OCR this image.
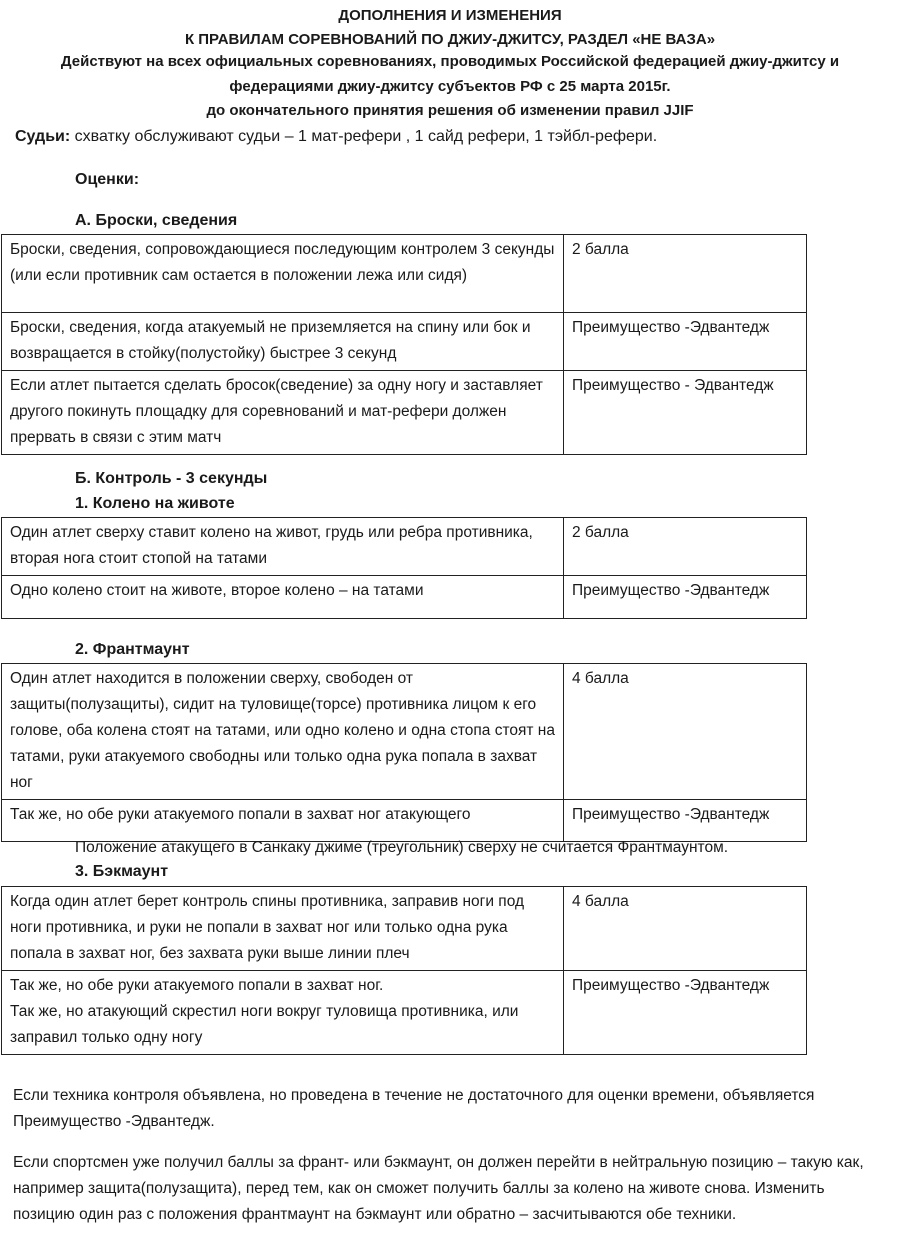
ДОПОЛНЕНИЯ И ИЗМЕНЕНИЯ
К ПРАВИЛАМ СОРЕВНОВАНИЙ ПО ДЖИУ-ДЖИТСУ, РАЗДЕЛ «НЕ ВАЗА»
Действуют на всех официальных соревнованиях, проводимых Российской федерацией джиу-джитсу и
федерациями джиу-джитсу субъектов РФ с 25 марта 2015г.
до окончательного принятия решения об изменении правил JJIF
Судьи: схватку обслуживают судьи – 1 мат-рефери , 1 сайд рефери, 1 тэйбл-рефери.
Оценки:
А. Броски, сведения
Броски, сведения, сопровождающиеся последующим контролем 3 секунды (или если противник сам остается в положении лежа или сидя)	2 балла
Броски, сведения, когда атакуемый не приземляется на спину или бок и возвращается в стойку(полустойку) быстрее 3 секунд	Преимущество -Эдвантедж
Если атлет пытается сделать бросок(сведение) за одну ногу и заставляет другого покинуть площадку для соревнований и мат-рефери должен прервать в связи с этим матч	Преимущество - Эдвантедж
Б. Контроль - 3 секунды
1. Колено на животе
Один атлет сверху ставит колено на живот, грудь или ребра противника, вторая нога стоит стопой на татами	2 балла
Одно колено стоит на животе, второе колено – на татами	Преимущество -Эдвантедж
2. Франтмаунт
Один атлет находится в положении сверху, свободен от защиты(полузащиты), сидит на туловище(торсе) противника лицом к его голове, оба колена стоят на татами, или одно колено и одна стопа стоят на татами, руки атакуемого свободны или только одна рука попала в захват ног	4 балла
Так же, но обе руки атакуемого попали в захват ног атакующего	Преимущество -Эдвантедж
Положение атакущего в Санкаку джиме (треугольник) сверху не считается Франтмаунтом.
3. Бэкмаунт
Когда один атлет берет контроль спины противника, заправив ноги под ноги противника, и руки не попали в захват ног или только одна рука попала в захват ног, без захвата руки выше линии плеч	4 балла

Так же, но обе руки атакуемого попали в захват ног.
Так же, но атакующий скрестил ноги вокруг туловища противника, или заправил только одну ногу	Преимущество -Эдвантедж
Если техника контроля объявлена, но проведена в течение не достаточного для оценки времени, объявляется Преимущество -Эдвантедж.
Если спортсмен уже получил баллы за франт- или бэкмаунт, он должен перейти в нейтральную позицию – такую как, например защита(полузащита), перед тем, как он сможет получить баллы за колено на животе снова. Изменить позицию один раз с положения франтмаунт на бэкмаунт или обратно – засчитываются обе техники.
